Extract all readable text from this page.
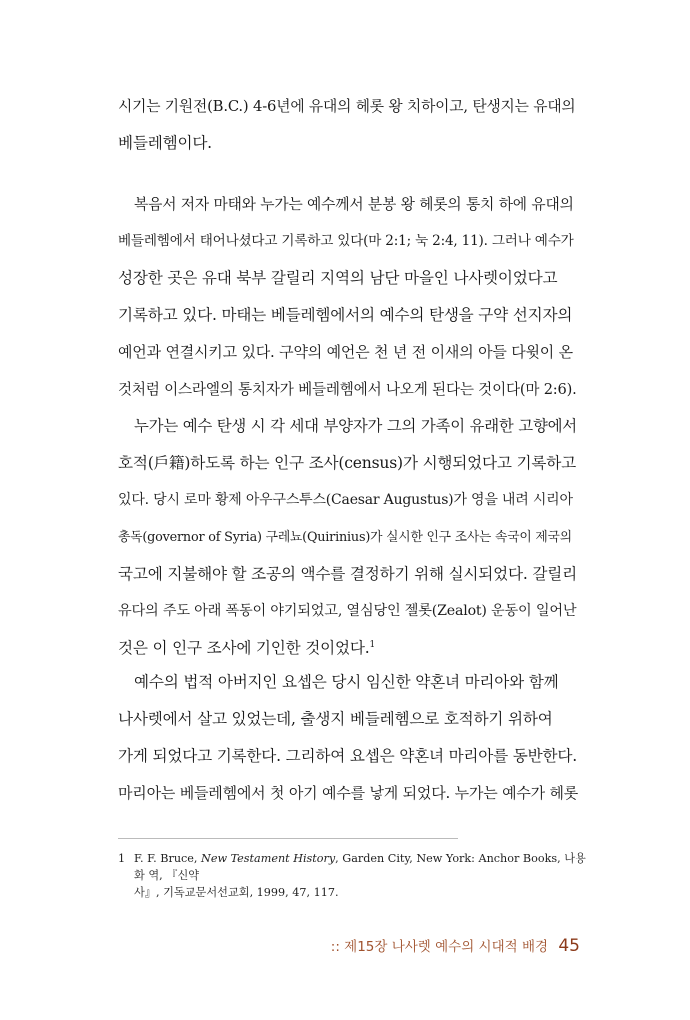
시기는 기원전(B.C.) 4-6년에 유대의 헤롯 왕 치하이고, 탄생지는 유대의
베들레헴이다.
복음서 저자 마태와 누가는 예수께서 분봉 왕 헤롯의 통치 하에 유대의
베들레헴에서 태어나셨다고 기록하고 있다(마 2:1; 눅 2:4, 11). 그러나 예수가
성장한 곳은 유대 북부 갈릴리 지역의 남단 마을인 나사렛이었다고
기록하고 있다. 마태는 베들레헴에서의 예수의 탄생을 구약 선지자의
예언과 연결시키고 있다. 구약의 예언은 천 년 전 이새의 아들 다윗이 온
것처럼 이스라엘의 통치자가 베들레헴에서 나오게 된다는 것이다(마 2:6).
누가는 예수 탄생 시 각 세대 부양자가 그의 가족이 유래한 고향에서
호적(戶籍)하도록 하는 인구 조사(census)가 시행되었다고 기록하고
있다. 당시 로마 황제 아우구스투스(Caesar Augustus)가 영을 내려 시리아
총독(governor of Syria) 구레뇨(Quirinius)가 실시한 인구 조사는 속국이 제국의
국고에 지불해야 할 조공의 액수를 결정하기 위해 실시되었다. 갈릴리
유다의 주도 아래 폭동이 야기되었고, 열심당인 젤롯(Zealot) 운동이 일어난
것은 이 인구 조사에 기인한 것이었다.$^1$
예수의 법적 아버지인 요셉은 당시 임신한 약혼녀 마리아와 함께
나사렛에서 살고 있었는데, 출생지 베들레헴으로 호적하기 위하여
가게 되었다고 기록한다. 그리하여 요셉은 약혼녀 마리아를 동반한다.
마리아는 베들레헴에서 첫 아기 예수를 낳게 되었다. 누가는 예수가 헤롯
1 F. F. Bruce, New Testament History, Garden City, New York: Anchor Books, 나용화 역, 『신약
사』, 기독교문서선교회, 1999, 47, 117.
:: 제15장 나사렛 예수의 시대적 배경 45
